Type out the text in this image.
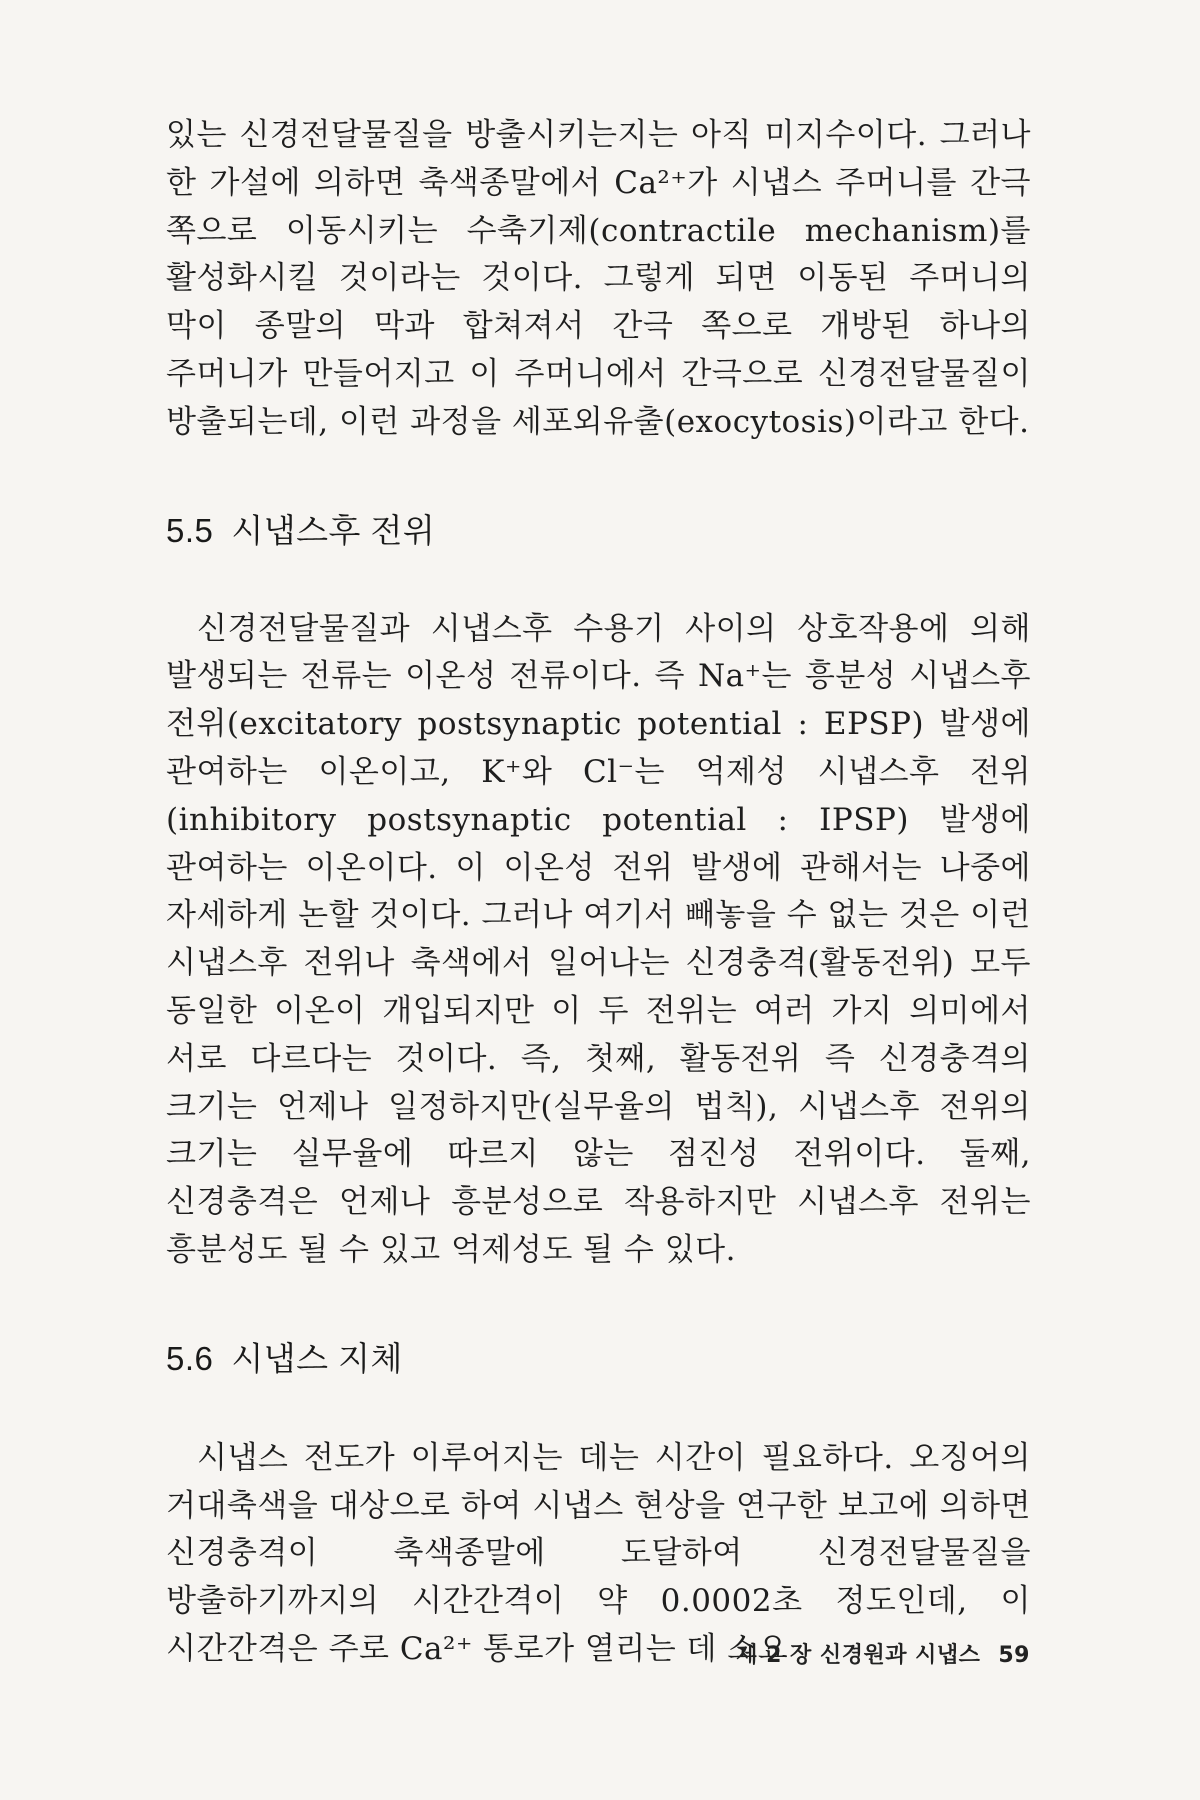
있는 신경전달물질을 방출시키는지는 아직 미지수이다. 그러나 한 가설에 의하면 축색종말에서 Ca²⁺가 시냅스 주머니를 간극 쪽으로 이동시키는 수축기제(contractile mechanism)를 활성화시킬 것이라는 것이다. 그렇게 되면 이동된 주머니의 막이 종말의 막과 합쳐져서 간극 쪽으로 개방된 하나의 주머니가 만들어지고 이 주머니에서 간극으로 신경전달물질이 방출되는데, 이런 과정을 세포외유출(exocytosis)이라고 한다.

5.5 시냅스후 전위

신경전달물질과 시냅스후 수용기 사이의 상호작용에 의해 발생되는 전류는 이온성 전류이다. 즉 Na⁺는 흥분성 시냅스후 전위(excitatory postsynaptic potential : EPSP) 발생에 관여하는 이온이고, K⁺와 Cl⁻는 억제성 시냅스후 전위(inhibitory postsynaptic potential : IPSP) 발생에 관여하는 이온이다. 이 이온성 전위 발생에 관해서는 나중에 자세하게 논할 것이다. 그러나 여기서 빼놓을 수 없는 것은 이런 시냅스후 전위나 축색에서 일어나는 신경충격(활동전위) 모두 동일한 이온이 개입되지만 이 두 전위는 여러 가지 의미에서 서로 다르다는 것이다. 즉, 첫째, 활동전위 즉 신경충격의 크기는 언제나 일정하지만(실무율의 법칙), 시냅스후 전위의 크기는 실무율에 따르지 않는 점진성 전위이다. 둘째, 신경충격은 언제나 흥분성으로 작용하지만 시냅스후 전위는 흥분성도 될 수 있고 억제성도 될 수 있다.

5.6 시냅스 지체

시냅스 전도가 이루어지는 데는 시간이 필요하다. 오징어의 거대축색을 대상으로 하여 시냅스 현상을 연구한 보고에 의하면 신경충격이 축색종말에 도달하여 신경전달물질을 방출하기까지의 시간간격이 약 0.0002초 정도인데, 이 시간간격은 주로 Ca²⁺ 통로가 열리는 데 소요

제 2 장 신경원과 시냅스 59
